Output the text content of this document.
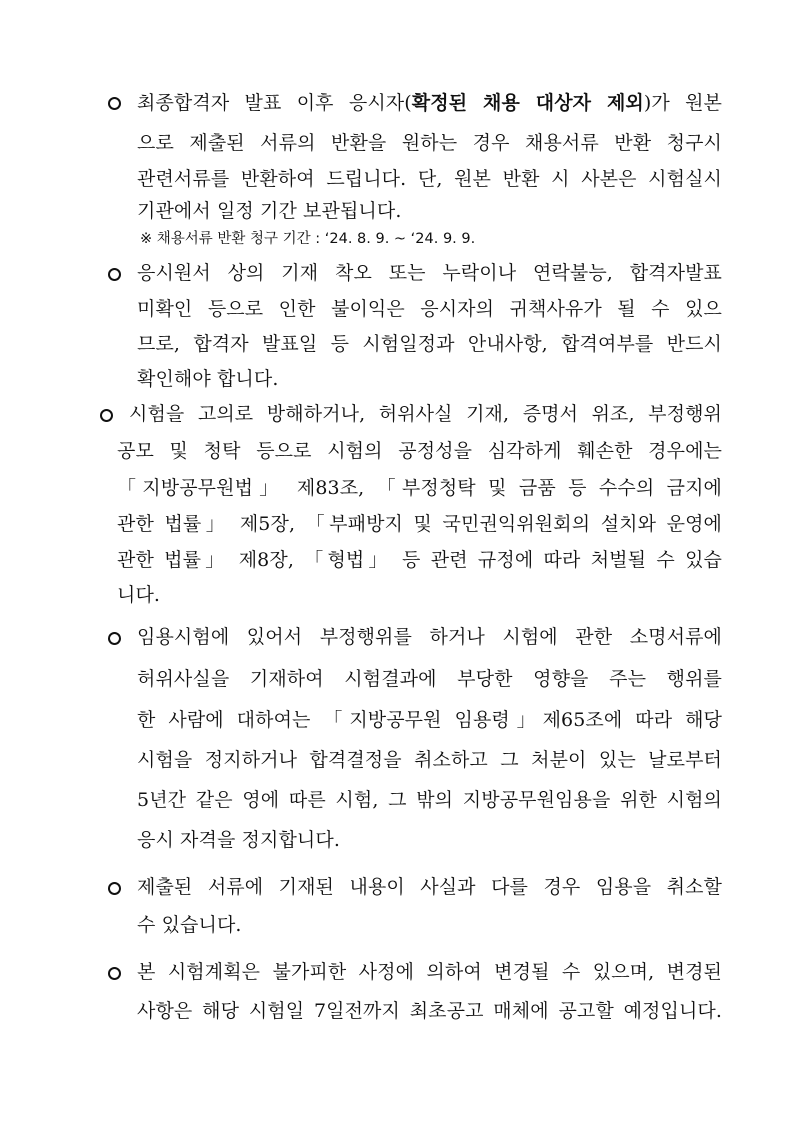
최종합격자 발표 이후 응시자(확정된 채용 대상자 제외)가 원본
으로 제출된 서류의 반환을 원하는 경우 채용서류 반환 청구시
관련서류를 반환하여 드립니다. 단, 원본 반환 시 사본은 시험실시
기관에서 일정 기간 보관됩니다.
※ 채용서류 반환 청구 기간 : ‘24. 8. 9. ~ ‘24. 9. 9.
응시원서 상의 기재 착오 또는 누락이나 연락불능, 합격자발표
미확인 등으로 인한 불이익은 응시자의 귀책사유가 될 수 있으
므로, 합격자 발표일 등 시험일정과 안내사항, 합격여부를 반드시
확인해야 합니다.
시험을 고의로 방해하거나, 허위사실 기재, 증명서 위조, 부정행위
공모 및 청탁 등으로 시험의 공정성을 심각하게 훼손한 경우에는
「지방공무원법」 제83조, 「부정청탁 및 금품 등 수수의 금지에
관한 법률」 제5장, 「부패방지 및 국민권익위원회의 설치와 운영에
관한 법률」 제8장, 「형법」 등 관련 규정에 따라 처벌될 수 있습
니다.
임용시험에 있어서 부정행위를 하거나 시험에 관한 소명서류에
허위사실을 기재하여 시험결과에 부당한 영향을 주는 행위를
한 사람에 대하여는 「지방공무원 임용령」제65조에 따라 해당
시험을 정지하거나 합격결정을 취소하고 그 처분이 있는 날로부터
5년간 같은 영에 따른 시험, 그 밖의 지방공무원임용을 위한 시험의
응시 자격을 정지합니다.
제출된 서류에 기재된 내용이 사실과 다를 경우 임용을 취소할
수 있습니다.
본 시험계획은 불가피한 사정에 의하여 변경될 수 있으며, 변경된
사항은 해당 시험일 7일전까지 최초공고 매체에 공고할 예정입니다.
